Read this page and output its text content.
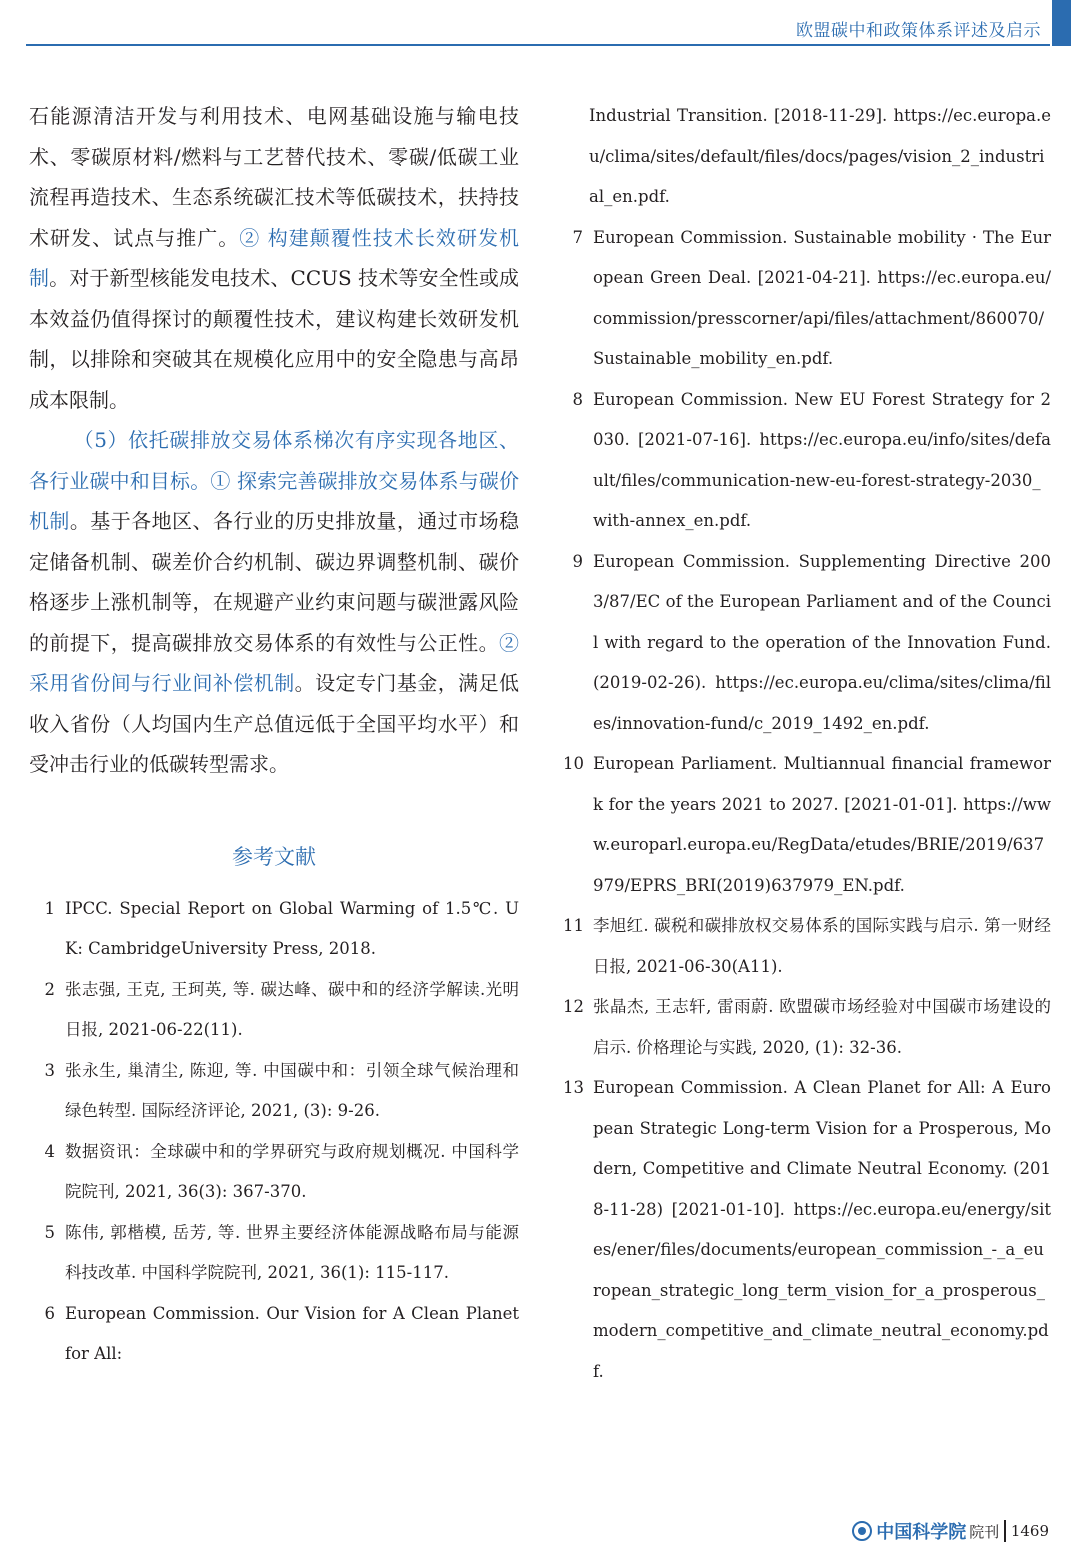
欧盟碳中和政策体系评述及启示

石能源清洁开发与利用技术、电网基础设施与输电技术、零碳原材料/燃料与工艺替代技术、零碳/低碳工业流程再造技术、生态系统碳汇技术等低碳技术，扶持技术研发、试点与推广。② 构建颠覆性技术长效研发机制。对于新型核能发电技术、CCUS 技术等安全性或成本效益仍值得探讨的颠覆性技术，建议构建长效研发机制，以排除和突破其在规模化应用中的安全隐患与高昂成本限制。

（5）依托碳排放交易体系梯次有序实现各地区、各行业碳中和目标。① 探索完善碳排放交易体系与碳价机制。基于各地区、各行业的历史排放量，通过市场稳定储备机制、碳差价合约机制、碳边界调整机制、碳价格逐步上涨机制等，在规避产业约束问题与碳泄露风险的前提下，提高碳排放交易体系的有效性与公正性。② 采用省份间与行业间补偿机制。设定专门基金，满足低收入省份（人均国内生产总值远低于全国平均水平）和受冲击行业的低碳转型需求。

参考文献
1 IPCC. Special Report on Global Warming of 1.5℃. UK: CambridgeUniversity Press, 2018.
2 张志强, 王克, 王珂英, 等. 碳达峰、碳中和的经济学解读.光明日报, 2021-06-22(11).
3 张永生, 巢清尘, 陈迎, 等. 中国碳中和：引领全球气候治理和绿色转型. 国际经济评论, 2021, (3): 9-26.
4 数据资讯：全球碳中和的学界研究与政府规划概况. 中国科学院院刊, 2021, 36(3): 367-370.
5 陈伟, 郭楷模, 岳芳, 等. 世界主要经济体能源战略布局与能源科技改革. 中国科学院院刊, 2021, 36(1): 115-117.
6 European Commission. Our Vision for A Clean Planet for All:
Industrial Transition. [2018-11-29]. https://ec.europa.eu/clima/sites/default/files/docs/pages/vision_2_industrial_en.pdf.
7 European Commission. Sustainable mobility · The European Green Deal. [2021-04-21]. https://ec.europa.eu/commission/presscorner/api/files/attachment/860070/Sustainable_mobility_en.pdf.
8 European Commission. New EU Forest Strategy for 2030. [2021-07-16]. https://ec.europa.eu/info/sites/default/files/communication-new-eu-forest-strategy-2030_with-annex_en.pdf.
9 European Commission. Supplementing Directive 2003/87/EC of the European Parliament and of the Council with regard to the operation of the Innovation Fund. (2019-02-26). https://ec.europa.eu/clima/sites/clima/files/innovation-fund/c_2019_1492_en.pdf.
10 European Parliament. Multiannual financial framework for the years 2021 to 2027. [2021-01-01]. https://www.europarl.europa.eu/RegData/etudes/BRIE/2019/637979/EPRS_BRI(2019)637979_EN.pdf.
11 李旭红. 碳税和碳排放权交易体系的国际实践与启示. 第一财经日报, 2021-06-30(A11).
12 张晶杰, 王志轩, 雷雨蔚. 欧盟碳市场经验对中国碳市场建设的启示. 价格理论与实践, 2020, (1): 32-36.
13 European Commission. A Clean Planet for All: A European Strategic Long-term Vision for a Prosperous, Modern, Competitive and Climate Neutral Economy. (2018-11-28) [2021-01-10]. https://ec.europa.eu/energy/sites/ener/files/documents/european_commission_-_a_european_strategic_long_term_vision_for_a_prosperous_modern_competitive_and_climate_neutral_economy.pdf.
中国科学院 院刊 1469
